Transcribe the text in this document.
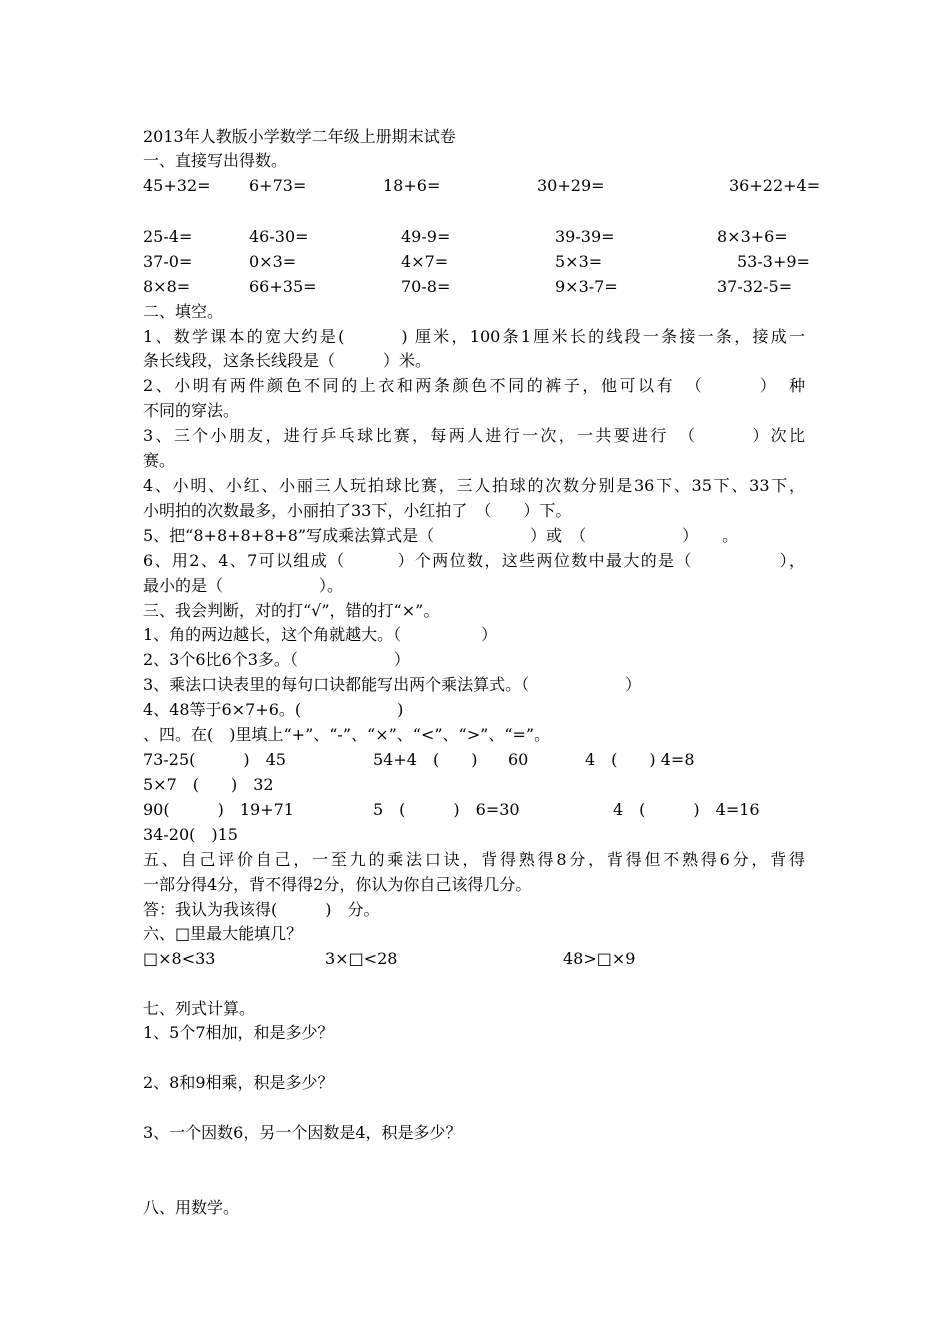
2013年人教版小学数学二年级上册期末试卷
一、直接写出得数。
45+32= 6+73=	18+6=	30+29=	36+22+4=
25-4=	46-30=	49-9=	39-39=	8×3+6=
37-0=	0×3=	4×7=	5×3=	53-3+9=
8×8=	66+35=	70-8=	9×3-7=	37-32-5=
二、填空。
1、数学课本的宽大约是(　　　) 厘米，100条1厘米长的线段一条接一条，接成一
条长线段，这条长线段是（　　　）米。
2、小明有两件颜色不同的上衣和两条颜色不同的裤子，他可以有　（　　　）　种
不同的穿法。
3、三个小朋友，进行乒乓球比赛，每两人进行一次，一共要进行　（　　　）次比
赛。
4、小明、小红、小丽三人玩拍球比赛，三人拍球的次数分别是36下、35下、33下，
小明拍的次数最多，小丽拍了33下，小红拍了　（　　）下。
5、把“8+8+8+8+8”写成乘法算式是（　　　　　　）或　（　　　　　　）　　。
6、用2、4、7可以组成（　　　）个两位数，这些两位数中最大的是（　　　　　），
最小的是（　　　　　　）。
三、我会判断，对的打“√”，错的打“×”。
1、角的两边越长，这个角就越大。（　　　　　）
2、3个6比6个3多。（　　　　　　）
3、乘法口诀表里的每句口诀都能写出两个乘法算式。（　　　　　　）
4、48等于6×7+6。(　　　　　　)
、四。在(　)里填上“+”、“-”、“×”、“<”、“>”、“=”。
73-25(　　　)　45	54+4　(　　) 60	4　(　　) 4=8
5×7　(　　)　32
90(　　　)　19+71	5　(　　　)　6=30	4　(　　　)　4=16
34-20(　)15
五、自己评价自己，一至九的乘法口诀，背得熟得8分，背得但不熟得6分，背得
一部分得4分，背不得得2分，你认为你自己该得几分。
答：我认为我该得(　　　)　分。
六、□里最大能填几？
□×8<33	3×□<28	48>□×9
七、列式计算。
1、5个7相加，和是多少？
2、8和9相乘，积是多少？
3、一个因数6，另一个因数是4，积是多少？
八、用数学。
